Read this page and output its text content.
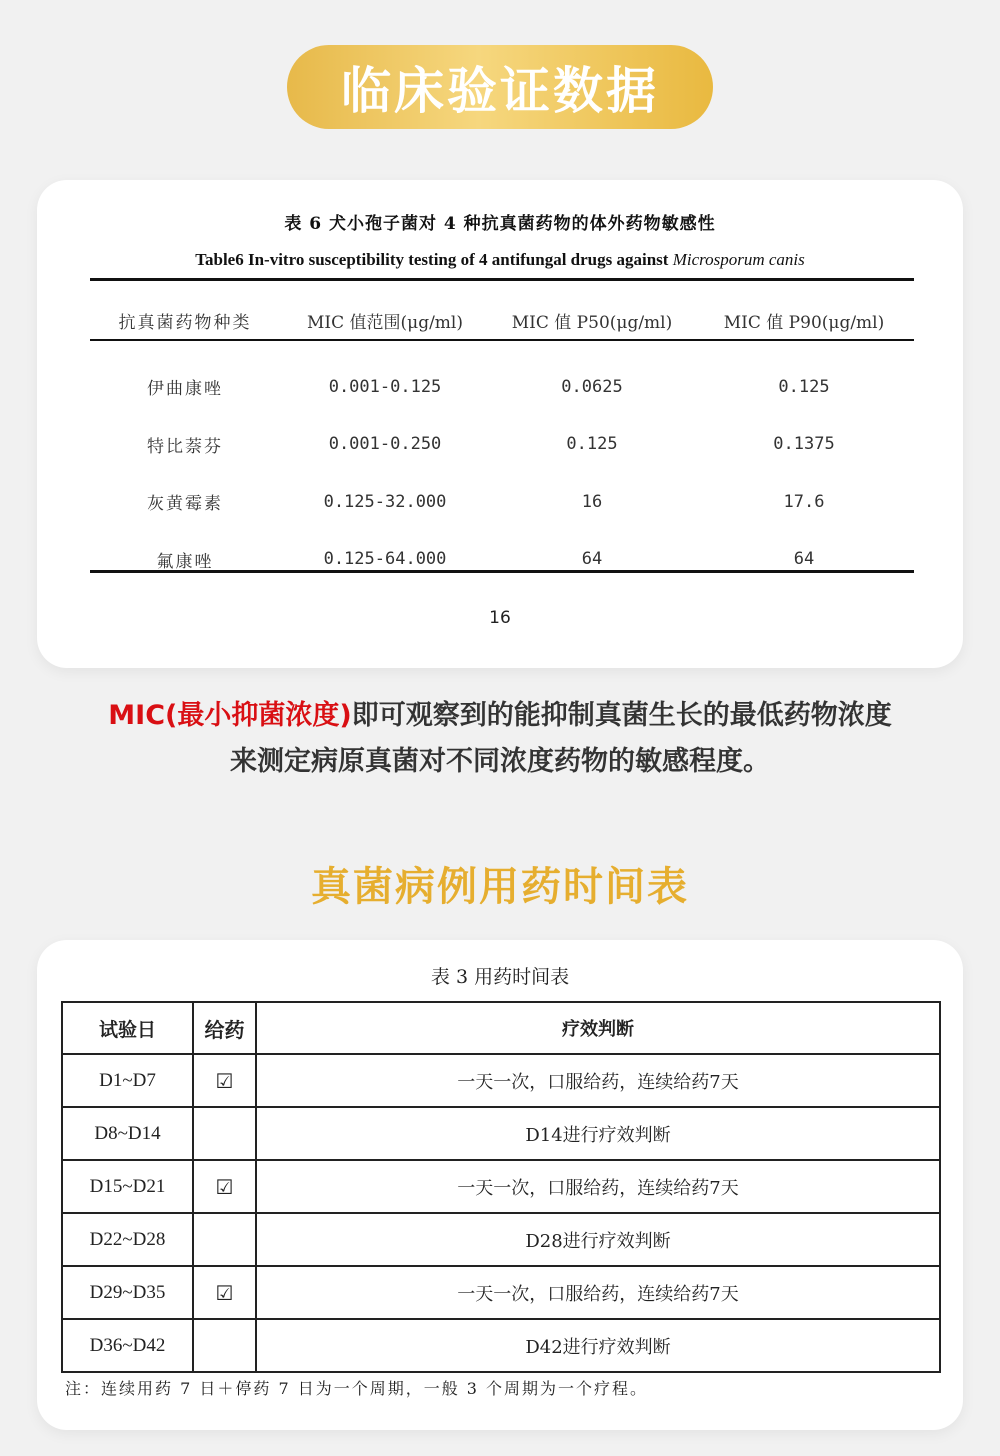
临床验证数据
表 6 犬小孢子菌对 4 种抗真菌药物的体外药物敏感性
Table6 In-vitro susceptibility testing of 4 antifungal drugs against Microsporum canis
抗真菌药物种类	MIC 值范围(μg/ml)	MIC 值 P50(μg/ml)	MIC 值 P90(μg/ml)
伊曲康唑	0.001-0.125	0.0625	0.125
特比萘芬	0.001-0.250	0.125	0.1375
灰黄霉素	0.125-32.000	16	17.6
氟康唑	0.125-64.000	64	64
16
MIC(最小抑菌浓度)即可观察到的能抑制真菌生长的最低药物浓度
来测定病原真菌对不同浓度药物的敏感程度。
真菌病例用药时间表
表 3 用药时间表
试验日	给药	疗效判断
D1~D7	☑	一天一次，口服给药，连续给药7天
D8~D14		D14进行疗效判断
D15~D21	☑	一天一次，口服给药，连续给药7天
D22~D28		D28进行疗效判断
D29~D35	☑	一天一次，口服给药，连续给药7天
D36~D42		D42进行疗效判断
注：连续用药 7 日＋停药 7 日为一个周期，一般 3 个周期为一个疗程。
